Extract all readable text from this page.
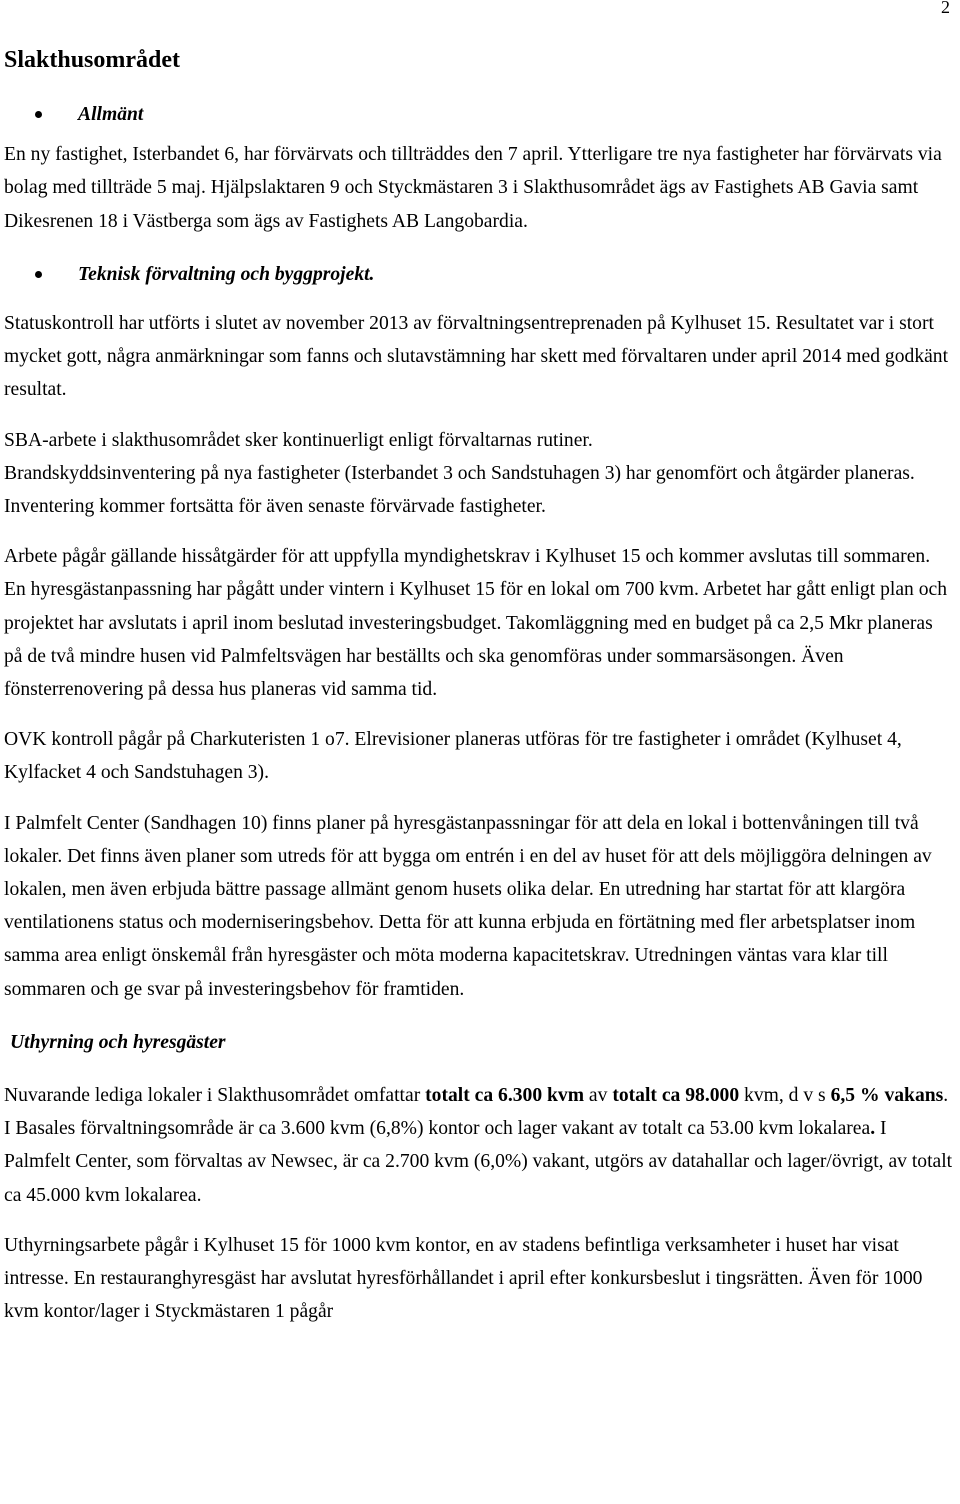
2
Slakthusområdet
Allmänt

En ny fastighet, Isterbandet 6, har förvärvats och tillträddes den 7 april. Ytterligare tre nya fastigheter har förvärvats via bolag med tillträde 5 maj. Hjälpslaktaren 9 och Styckmästaren 3 i Slakthusområdet ägs av Fastighets AB Gavia samt Dikesrenen 18 i Västberga som ägs av Fastighets AB Langobardia.

Teknisk förvaltning och byggprojekt.

Statuskontroll har utförts i slutet av november 2013 av förvaltningsentreprenaden på Kylhuset 15. Resultatet var i stort mycket gott, några anmärkningar som fanns och slutavstämning har skett med förvaltaren under april 2014 med godkänt resultat.

SBA-arbete i slakthusområdet sker kontinuerligt enligt förvaltarnas rutiner.

Brandskyddsinventering på nya fastigheter (Isterbandet 3 och Sandstuhagen 3) har genomfört och åtgärder planeras. Inventering kommer fortsätta för även senaste förvärvade fastigheter.

Arbete pågår gällande hissåtgärder för att uppfylla myndighetskrav i Kylhuset 15 och kommer avslutas till sommaren. En hyresgästanpassning har pågått under vintern i Kylhuset 15 för en lokal om 700 kvm. Arbetet har gått enligt plan och projektet har avslutats i april inom beslutad investeringsbudget. Takomläggning med en budget på ca 2,5 Mkr planeras på de två mindre husen vid Palmfeltsvägen har beställts och ska genomföras under sommarsäsongen. Även fönsterrenovering på dessa hus planeras vid samma tid.

OVK kontroll pågår på Charkuteristen 1 o7. Elrevisioner planeras utföras för tre fastigheter i området (Kylhuset 4, Kylfacket 4 och Sandstuhagen 3).

I Palmfelt Center (Sandhagen 10) finns planer på hyresgästanpassningar för att dela en lokal i bottenvåningen till två lokaler. Det finns även planer som utreds för att bygga om entrén i en del av huset för att dels möjliggöra delningen av lokalen, men även erbjuda bättre passage allmänt genom husets olika delar. En utredning har startat för att klargöra ventilationens status och moderniseringsbehov. Detta för att kunna erbjuda en förtätning med fler arbetsplatser inom samma area enligt önskemål från hyresgäster och möta moderna kapacitetskrav. Utredningen väntas vara klar till sommaren och ge svar på investeringsbehov för framtiden.

Uthyrning och hyresgäster

Nuvarande lediga lokaler i Slakthusområdet omfattar totalt ca 6.300 kvm av totalt ca 98.000 kvm, d v s 6,5 % vakans. I Basales förvaltningsområde är ca 3.600 kvm (6,8%) kontor och lager vakant av totalt ca 53.00 kvm lokalarea. I Palmfelt Center, som förvaltas av Newsec, är ca 2.700 kvm (6,0%) vakant, utgörs av datahallar och lager/övrigt, av totalt ca 45.000 kvm lokalarea.

Uthyrningsarbete pågår i Kylhuset 15 för 1000 kvm kontor, en av stadens befintliga verksamheter i huset har visat intresse. En restauranghyresgäst har avslutat hyresförhållandet i april efter konkursbeslut i tingsrätten. Även för 1000 kvm kontor/lager i Styckmästaren 1 pågår
